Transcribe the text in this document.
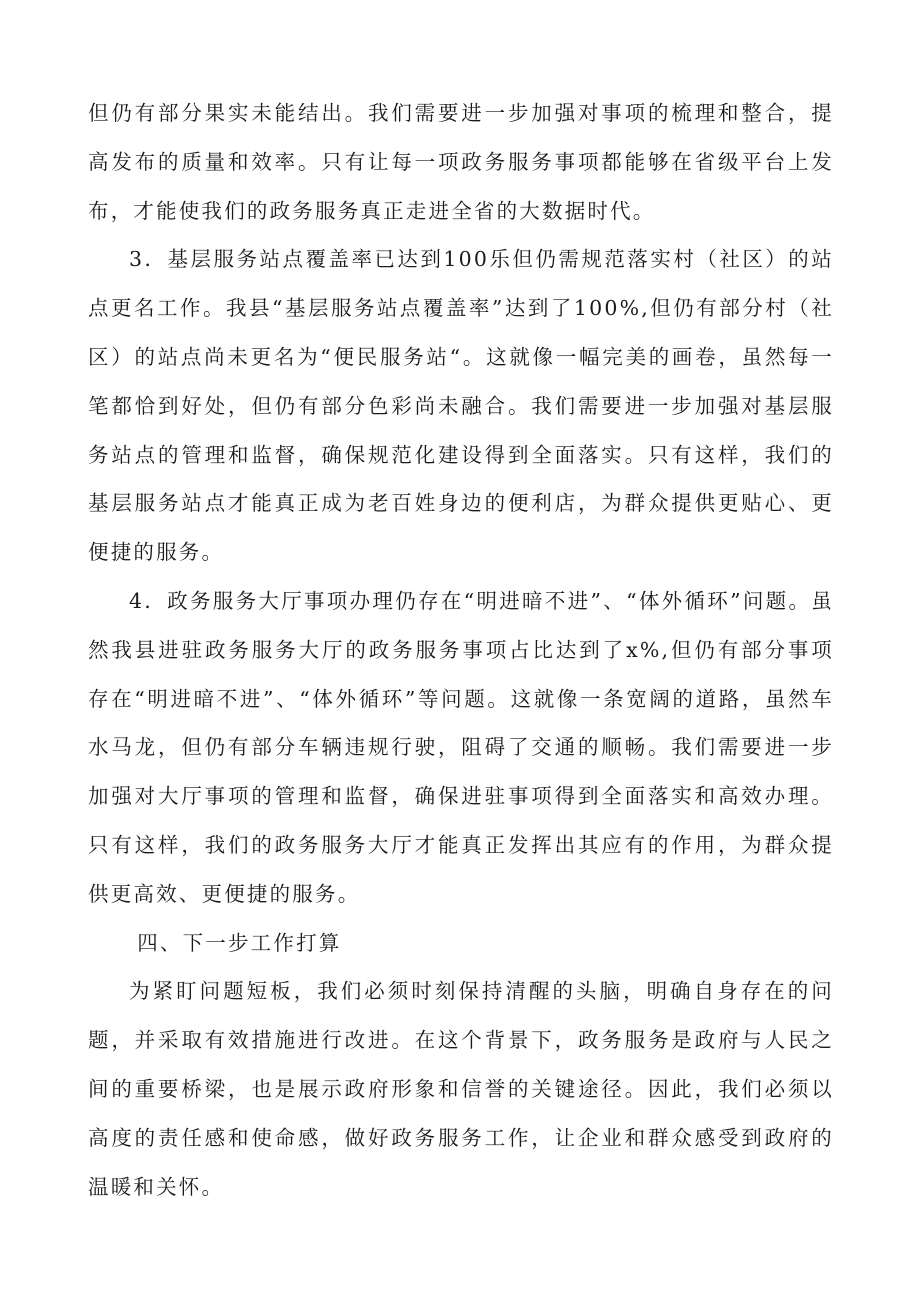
但仍有部分果实未能结出。我们需要进一步加强对事项的梳理和整合，提高发布的质量和效率。只有让每一项政务服务事项都能够在省级平台上发布，才能使我们的政务服务真正走进全省的大数据时代。

3．基层服务站点覆盖率已达到100乐但仍需规范落实村（社区）的站点更名工作。我县“基层服务站点覆盖率”达到了100%,但仍有部分村（社区）的站点尚未更名为“便民服务站“。这就像一幅完美的画卷，虽然每一笔都恰到好处，但仍有部分色彩尚未融合。我们需要进一步加强对基层服务站点的管理和监督，确保规范化建设得到全面落实。只有这样，我们的基层服务站点才能真正成为老百姓身边的便利店，为群众提供更贴心、更便捷的服务。

4．政务服务大厅事项办理仍存在“明进暗不进”、“体外循环”问题。虽然我县进驻政务服务大厅的政务服务事项占比达到了x%,但仍有部分事项存在“明进暗不进”、“体外循环”等问题。这就像一条宽阔的道路，虽然车水马龙，但仍有部分车辆违规行驶，阻碍了交通的顺畅。我们需要进一步加强对大厅事项的管理和监督，确保进驻事项得到全面落实和高效办理。只有这样，我们的政务服务大厅才能真正发挥出其应有的作用，为群众提供更高效、更便捷的服务。

四、下一步工作打算

为紧盯问题短板，我们必须时刻保持清醒的头脑，明确自身存在的问题，并采取有效措施进行改进。在这个背景下，政务服务是政府与人民之间的重要桥梁，也是展示政府形象和信誉的关键途径。因此，我们必须以高度的责任感和使命感，做好政务服务工作，让企业和群众感受到政府的温暖和关怀。
